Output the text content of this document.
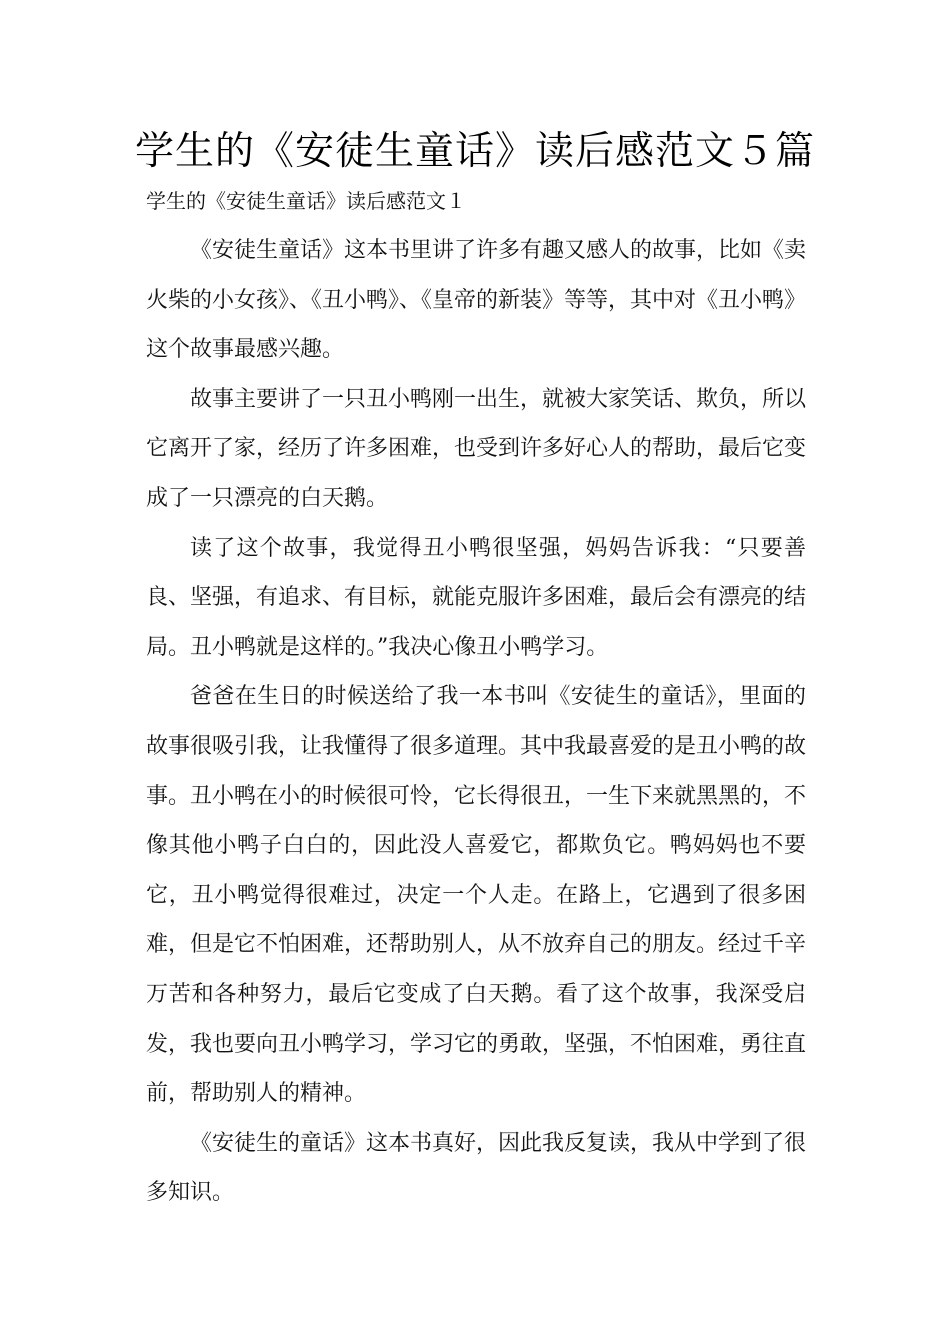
学生的《安徒生童话》读后感范文５篇
学生的《安徒生童话》读后感范文１

《安徒生童话》这本书里讲了许多有趣又感人的故事，比如《卖火柴的小女孩》、《丑小鸭》、《皇帝的新装》等等，其中对《丑小鸭》这个故事最感兴趣。

故事主要讲了一只丑小鸭刚一出生，就被大家笑话、欺负，所以它离开了家，经历了许多困难，也受到许多好心人的帮助，最后它变成了一只漂亮的白天鹅。

读了这个故事，我觉得丑小鸭很坚强，妈妈告诉我：“只要善良、坚强，有追求、有目标，就能克服许多困难，最后会有漂亮的结局。丑小鸭就是这样的。”我决心像丑小鸭学习。

爸爸在生日的时候送给了我一本书叫《安徒生的童话》，里面的故事很吸引我，让我懂得了很多道理。其中我最喜爱的是丑小鸭的故事。丑小鸭在小的时候很可怜，它长得很丑，一生下来就黑黑的，不像其他小鸭子白白的，因此没人喜爱它，都欺负它。鸭妈妈也不要它，丑小鸭觉得很难过，决定一个人走。在路上，它遇到了很多困难，但是它不怕困难，还帮助别人，从不放弃自己的朋友。经过千辛万苦和各种努力，最后它变成了白天鹅。看了这个故事，我深受启发，我也要向丑小鸭学习，学习它的勇敢，坚强，不怕困难，勇往直前，帮助别人的精神。

《安徒生的童话》这本书真好，因此我反复读，我从中学到了很多知识。
